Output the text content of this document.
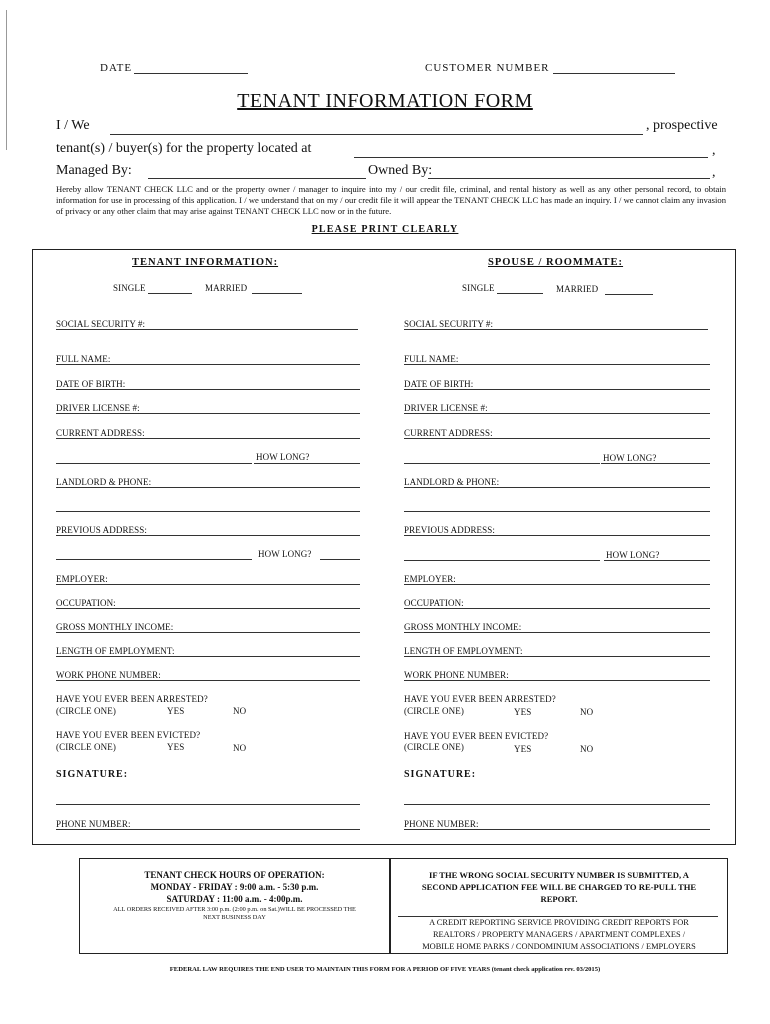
DATE	CUSTOMER NUMBER
TENANT INFORMATION FORM
I / We	, prospective
tenant(s) / buyer(s) for the property located at	,
Managed By:	Owned By:	,
Hereby allow TENANT CHECK LLC and or the property owner / manager to inquire into my / our credit file, criminal, and rental history as well as any other personal record, to obtain information for use in processing of this application. I / we understand that on my / our credit file it will appear the TENANT CHECK LLC has made an inquiry. I / we cannot claim any invasion of privacy or any other claim that may arise against TENANT CHECK LLC now or in the future.
PLEASE PRINT CLEARLY
TENANT INFORMATION:
SINGLE	MARRIED
SOCIAL SECURITY #:
FULL NAME:
DATE OF BIRTH:
DRIVER LICENSE #:
CURRENT ADDRESS:
HOW LONG?
LANDLORD & PHONE:
PREVIOUS ADDRESS:
HOW LONG?
EMPLOYER:
OCCUPATION:
GROSS MONTHLY INCOME:
LENGTH OF EMPLOYMENT:
WORK PHONE NUMBER:
HAVE YOU EVER BEEN ARRESTED?
(CIRCLE ONE)	YES	NO
HAVE YOU EVER BEEN EVICTED?
(CIRCLE ONE)	YES	NO
SIGNATURE:
PHONE NUMBER:
SPOUSE / ROOMMATE:
SINGLE	MARRIED
SOCIAL SECURITY #:
FULL NAME:
DATE OF BIRTH:
DRIVER LICENSE #:
CURRENT ADDRESS:
HOW LONG?
LANDLORD & PHONE:
PREVIOUS ADDRESS:
HOW LONG?
EMPLOYER:
OCCUPATION:
GROSS MONTHLY INCOME:
LENGTH OF EMPLOYMENT:
WORK PHONE NUMBER:
HAVE YOU EVER BEEN ARRESTED?
(CIRCLE ONE)	YES	NO
HAVE YOU EVER BEEN EVICTED?
(CIRCLE ONE)	YES	NO
SIGNATURE:
PHONE NUMBER:
TENANT CHECK HOURS OF OPERATION:
MONDAY - FRIDAY : 9:00 a.m. - 5:30 p.m.
SATURDAY : 11:00 a.m. - 4:00p.m.
ALL ORDERS RECEIVED AFTER 3:00 p.m. (2:00 p.m. on Sat.)WILL BE PROCESSED THE
NEXT BUSINESS DAY
IF THE WRONG SOCIAL SECURITY NUMBER IS SUBMITTED, A
SECOND APPLICATION FEE WILL BE CHARGED TO RE-PULL THE
REPORT.
A CREDIT REPORTING SERVICE PROVIDING CREDIT REPORTS FOR
REALTORS / PROPERTY MANAGERS / APARTMENT COMPLEXES /
MOBILE HOME PARKS / CONDOMINIUM ASSOCIATIONS / EMPLOYERS
FEDERAL LAW REQUIRES THE END USER TO MAINTAIN THIS FORM FOR A PERIOD OF FIVE YEARS (tenant check application rev. 03/2015)
